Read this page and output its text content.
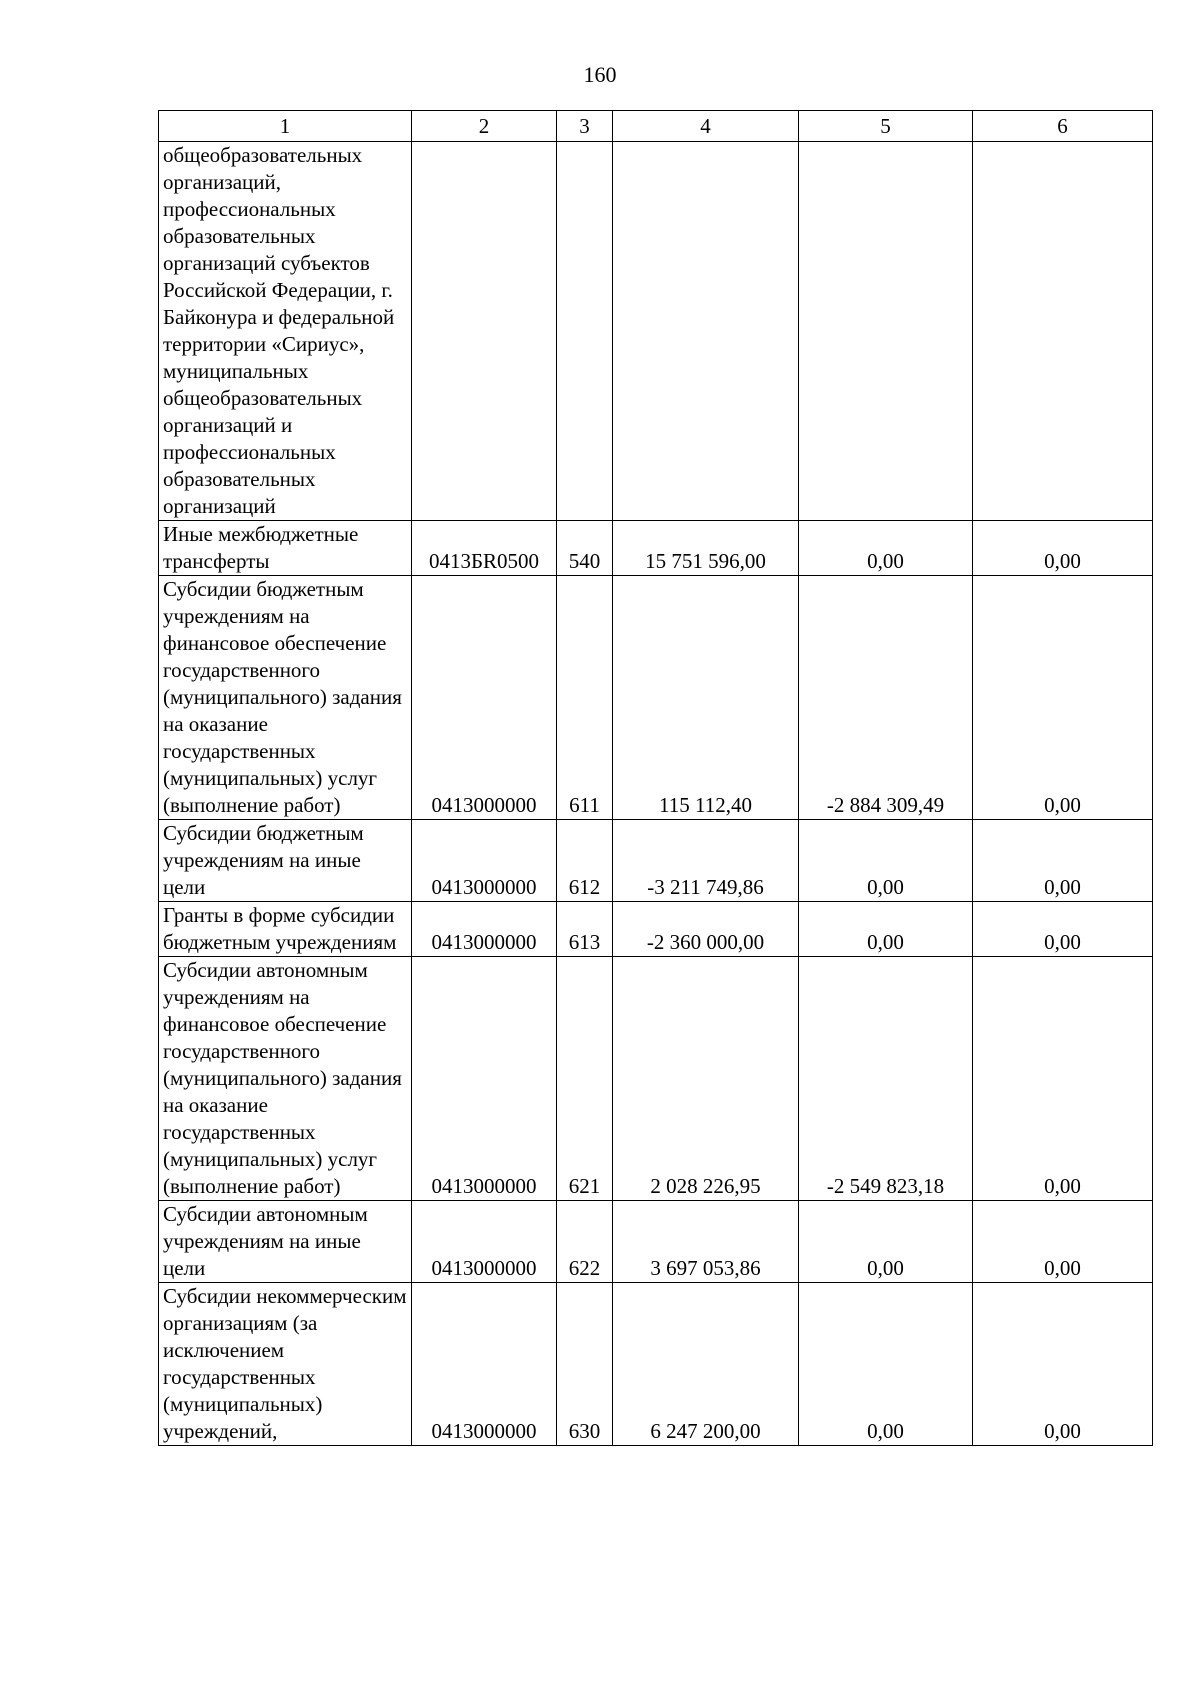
160
1	2	3	4	5	6
общеобразовательных организаций, профессиональных образовательных организаций субъектов Российской Федерации, г. Байконура и федеральной территории «Сириус», муниципальных общеобразовательных организаций и профессиональных образовательных организаций					
Иные межбюджетные трансферты	0413БR0500	540	15 751 596,00	0,00	0,00
Субсидии бюджетным учреждениям на финансовое обеспечение государственного (муниципального) задания на оказание государственных (муниципальных) услуг (выполнение работ)	0413000000	611	115 112,40	-2 884 309,49	0,00
Субсидии бюджетным учреждениям на иные цели	0413000000	612	-3 211 749,86	0,00	0,00
Гранты в форме субсидии бюджетным учреждениям	0413000000	613	-2 360 000,00	0,00	0,00
Субсидии автономным учреждениям на финансовое обеспечение государственного (муниципального) задания на оказание государственных (муниципальных) услуг (выполнение работ)	0413000000	621	2 028 226,95	-2 549 823,18	0,00
Субсидии автономным учреждениям на иные цели	0413000000	622	3 697 053,86	0,00	0,00
Субсидии некоммерческим организациям (за исключением государственных (муниципальных) учреждений,	0413000000	630	6 247 200,00	0,00	0,00
